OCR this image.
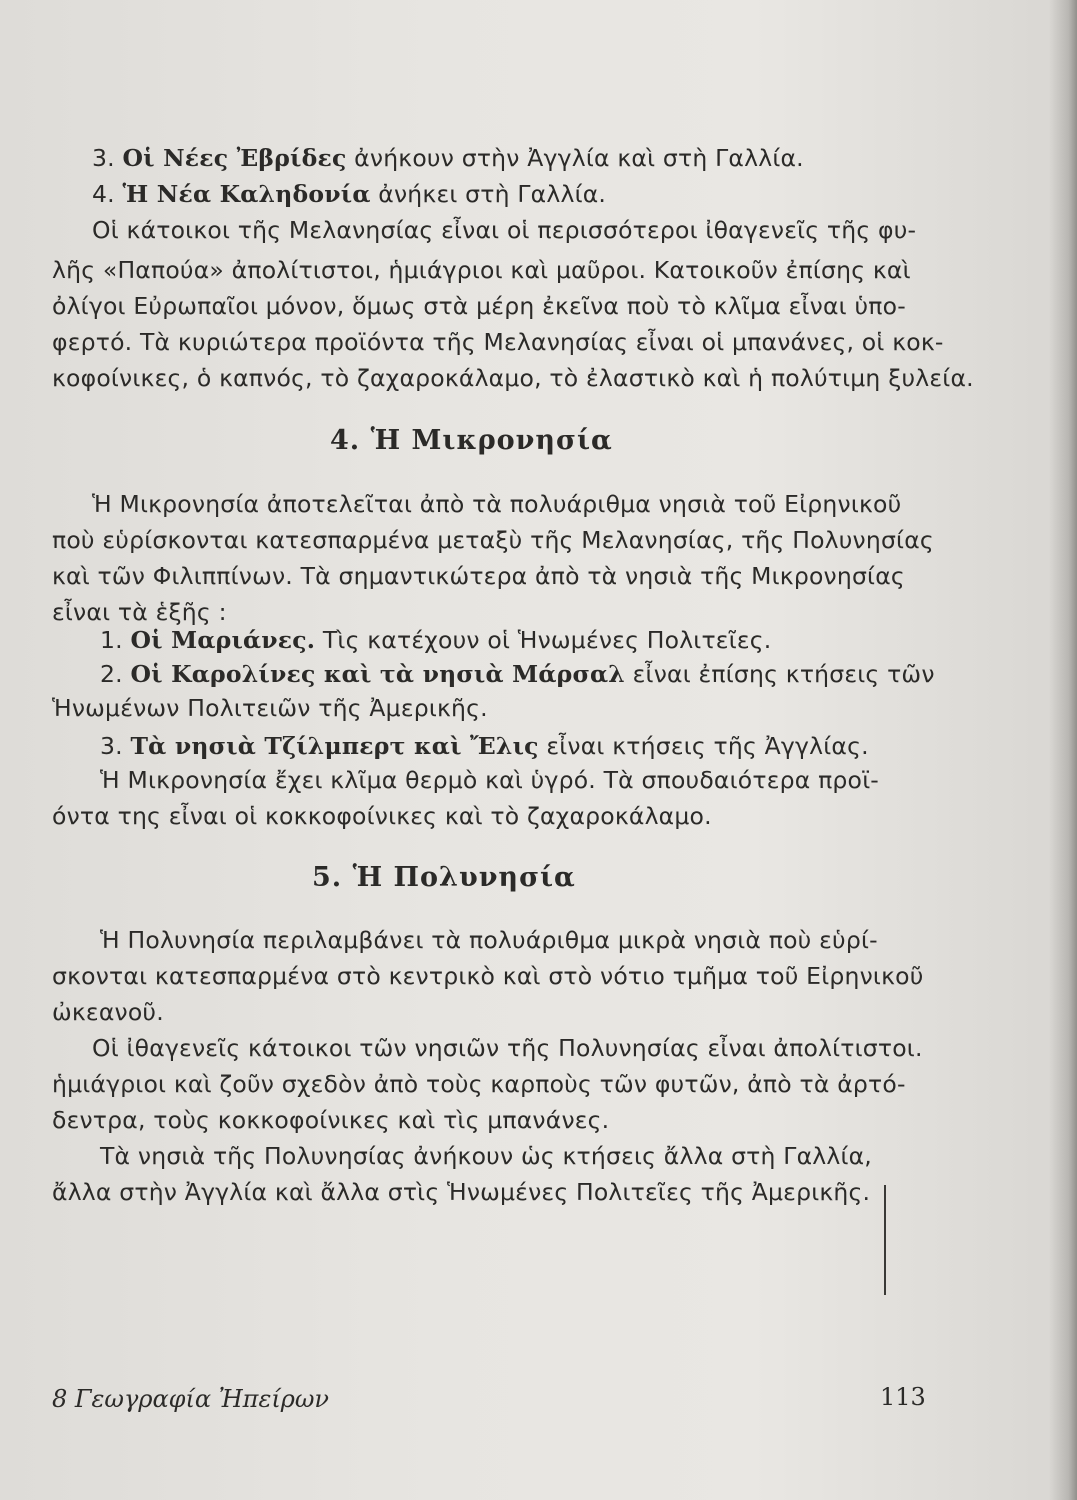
3. Οἱ Νέες Ἐβρίδες ἀνήκουν στὴν Ἀγγλία καὶ στὴ Γαλλία.
4. Ἡ Νέα Καληδονία ἀνήκει στὴ Γαλλία.
Οἱ κάτοικοι τῆς Μελανησίας εἶναι οἱ περισσότεροι ἰθαγενεῖς τῆς φυ-
λῆς «Παπούα» ἀπολίτιστοι, ἡμιάγριοι καὶ μαῦροι. Κατοικοῦν ἐπίσης καὶ
ὀλίγοι Εὐρωπαῖοι μόνον, ὅμως στὰ μέρη ἐκεῖνα ποὺ τὸ κλῖμα εἶναι ὑπο-
φερτό. Τὰ κυριώτερα προϊόντα τῆς Μελανησίας εἶναι οἱ μπανάνες, οἱ κοκ-
κοφοίνικες, ὁ καπνός, τὸ ζαχαροκάλαμο, τὸ ἐλαστικὸ καὶ ἡ πολύτιμη ξυλεία.
4. Ἡ Μικρονησία
Ἡ Μικρονησία ἀποτελεῖται ἀπὸ τὰ πολυάριθμα νησιὰ τοῦ Εἰρηνικοῦ
ποὺ εὑρίσκονται κατεσπαρμένα μεταξὺ τῆς Μελανησίας, τῆς Πολυνησίας
καὶ τῶν Φιλιππίνων. Τὰ σημαντικώτερα ἀπὸ τὰ νησιὰ τῆς Μικρονησίας
εἶναι τὰ ἑξῆς :
1. Οἱ Μαριάνες. Τὶς κατέχουν οἱ Ἡνωμένες Πολιτεῖες.
2. Οἱ Καρολίνες καὶ τὰ νησιὰ Μάρσαλ εἶναι ἐπίσης κτήσεις τῶν
Ἡνωμένων Πολιτειῶν τῆς Ἀμερικῆς.
3. Τὰ νησιὰ Τζίλμπερτ καὶ Ἔλις εἶναι κτήσεις τῆς Ἀγγλίας.
Ἡ Μικρονησία ἔχει κλῖμα θερμὸ καὶ ὑγρό. Τὰ σπουδαιότερα προϊ-
όντα της εἶναι οἱ κοκκοφοίνικες καὶ τὸ ζαχαροκάλαμο.
5. Ἡ Πολυνησία
Ἡ Πολυνησία περιλαμβάνει τὰ πολυάριθμα μικρὰ νησιὰ ποὺ εὑρί-
σκονται κατεσπαρμένα στὸ κεντρικὸ καὶ στὸ νότιο τμῆμα τοῦ Εἰρηνικοῦ
ὠκεανοῦ.
Οἱ ἰθαγενεῖς κάτοικοι τῶν νησιῶν τῆς Πολυνησίας εἶναι ἀπολίτιστοι.
ἡμιάγριοι καὶ ζοῦν σχεδὸν ἀπὸ τοὺς καρποὺς τῶν φυτῶν, ἀπὸ τὰ ἀρτό-
δεντρα, τοὺς κοκκοφοίνικες καὶ τὶς μπανάνες.
Τὰ νησιὰ τῆς Πολυνησίας ἀνήκουν ὡς κτήσεις ἄλλα στὴ Γαλλία,
ἄλλα στὴν Ἀγγλία καὶ ἄλλα στὶς Ἡνωμένες Πολιτεῖες τῆς Ἀμερικῆς.
8 Γεωγραφία Ἠπείρων	113
